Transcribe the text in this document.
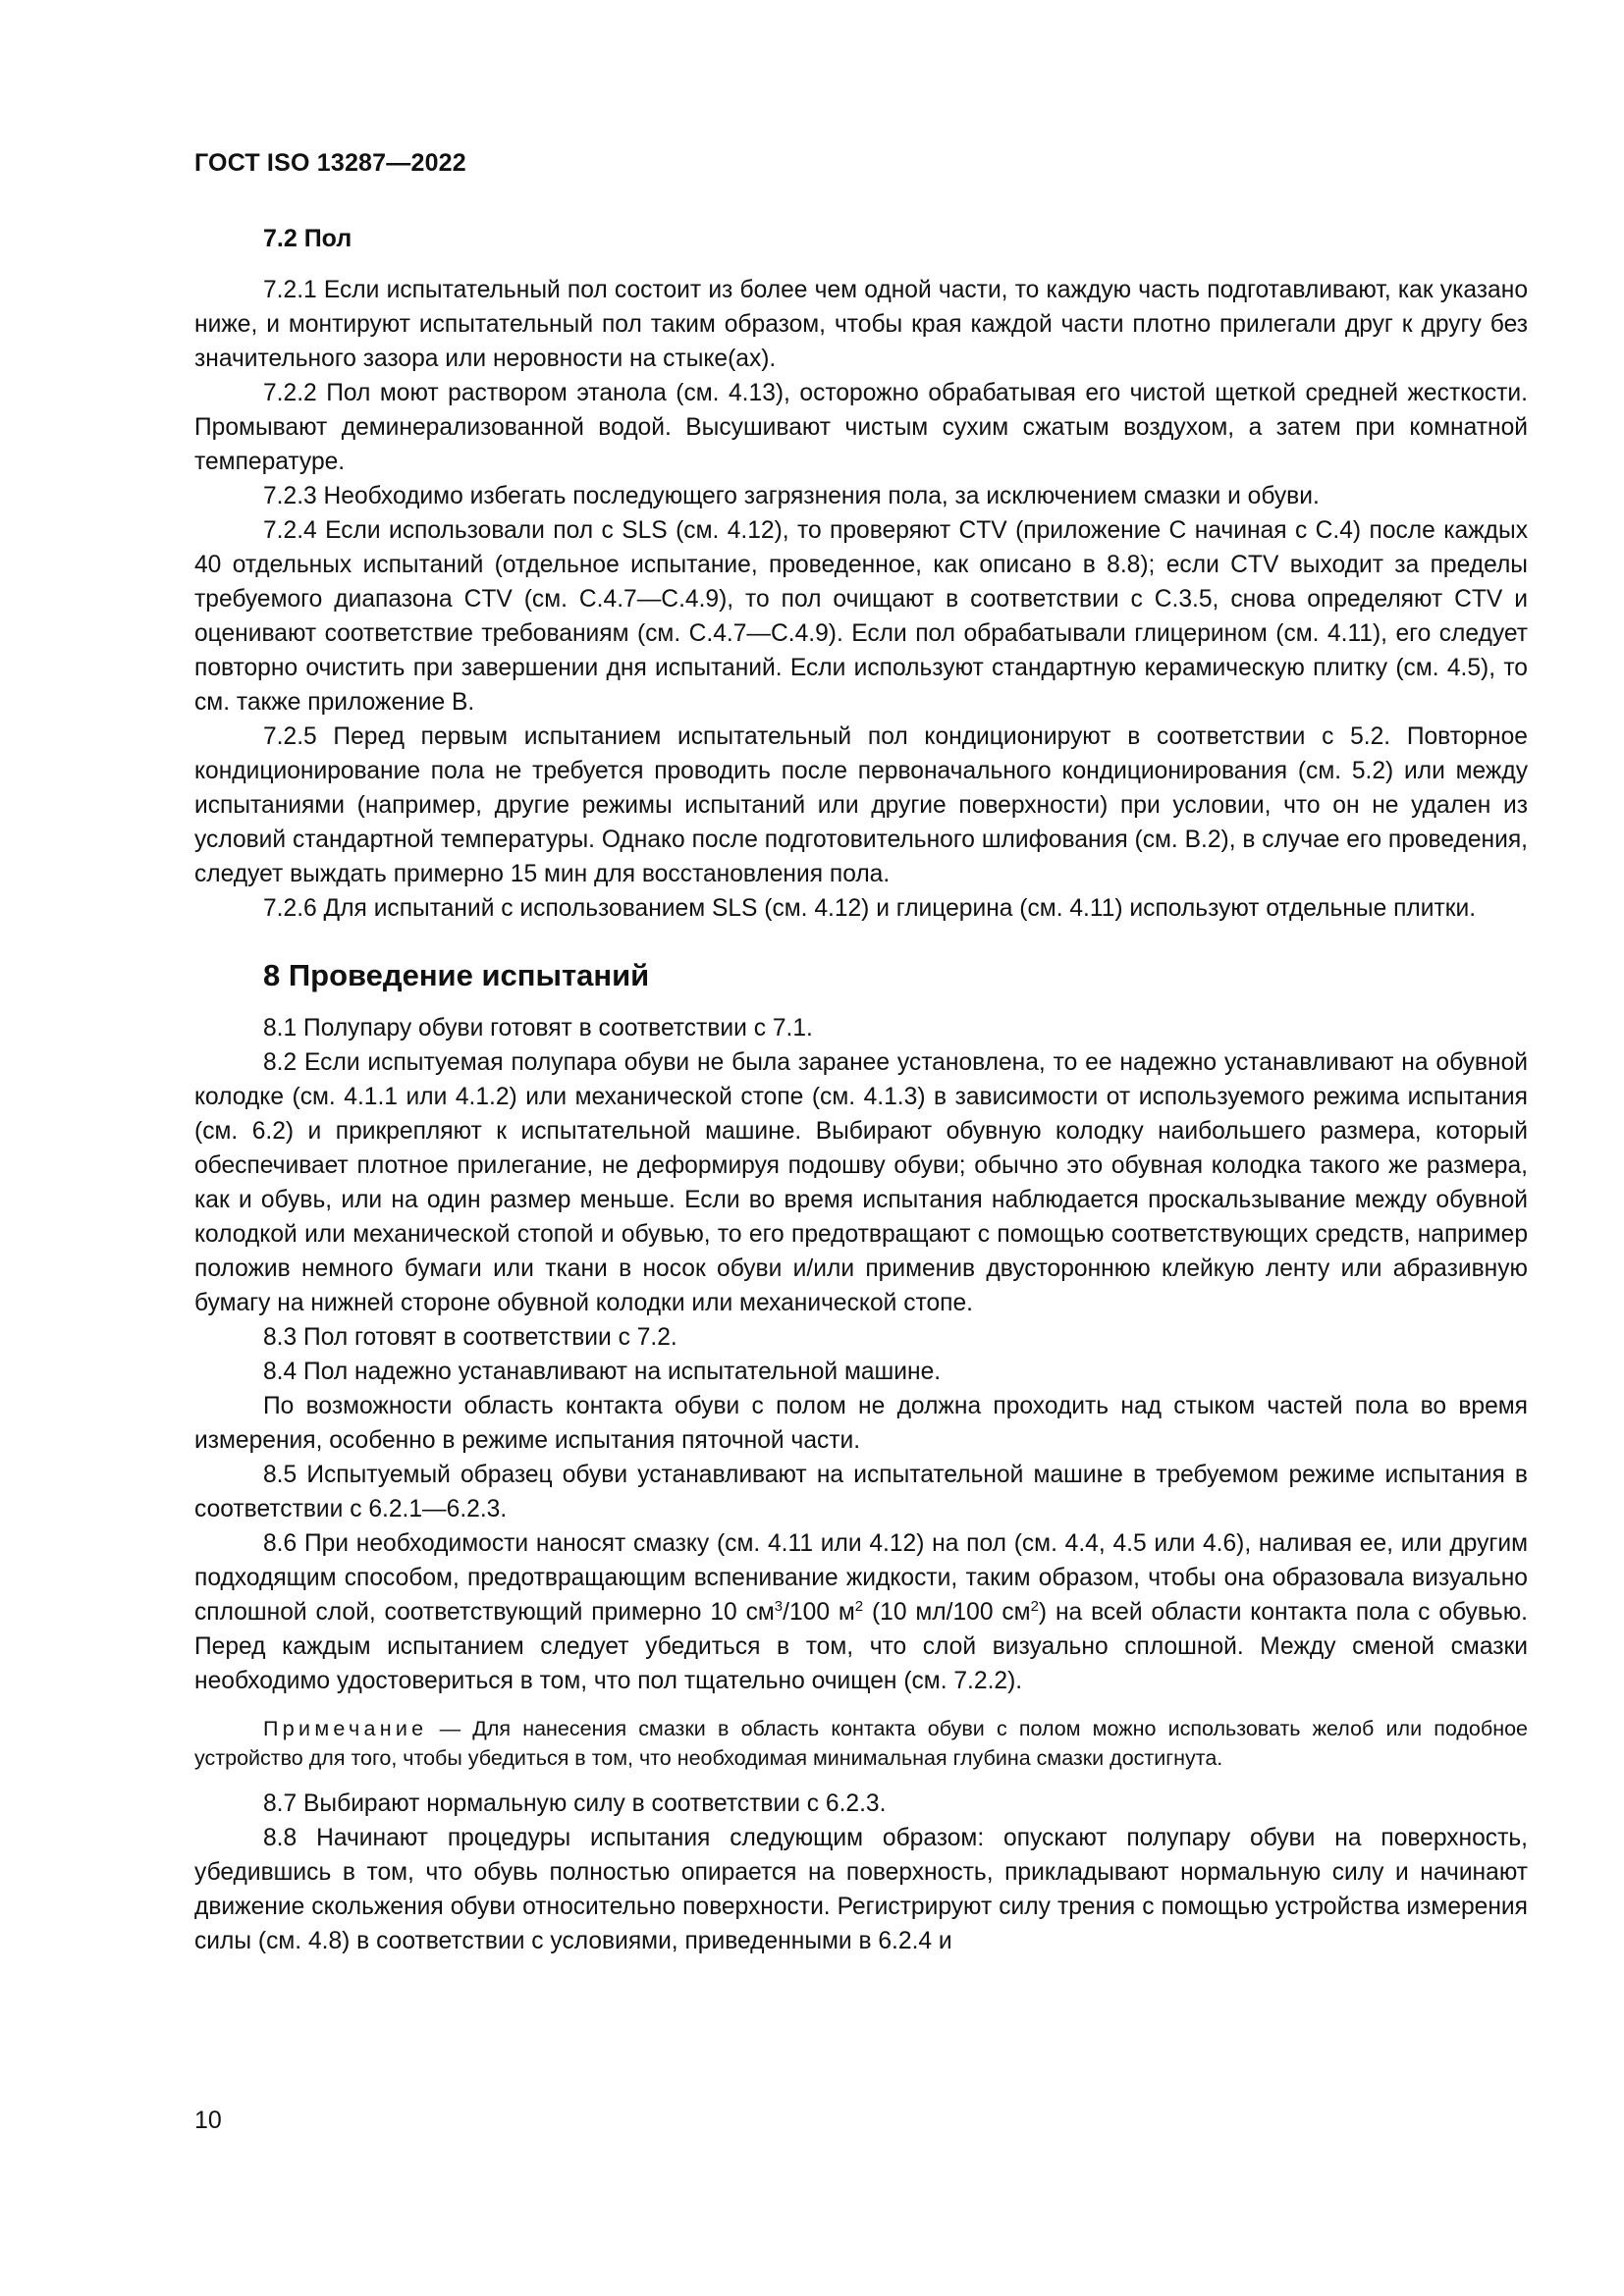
ГОСТ ISO 13287—2022
7.2 Пол

7.2.1 Если испытательный пол состоит из более чем одной части, то каждую часть подготавливают, как указано ниже, и монтируют испытательный пол таким образом, чтобы края каждой части плотно прилегали друг к другу без значительного зазора или неровности на стыке(ах).

7.2.2 Пол моют раствором этанола (см. 4.13), осторожно обрабатывая его чистой щеткой средней жесткости. Промывают деминерализованной водой. Высушивают чистым сухим сжатым воздухом, а затем при комнатной температуре.

7.2.3 Необходимо избегать последующего загрязнения пола, за исключением смазки и обуви.

7.2.4 Если использовали пол с SLS (см. 4.12), то проверяют CTV (приложение С начиная с С.4) после каждых 40 отдельных испытаний (отдельное испытание, проведенное, как описано в 8.8); если CTV выходит за пределы требуемого диапазона CTV (см. С.4.7—С.4.9), то пол очищают в соответствии с С.3.5, снова определяют CTV и оценивают соответствие требованиям (см. С.4.7—С.4.9). Если пол обрабатывали глицерином (см. 4.11), его следует повторно очистить при завершении дня испытаний. Если используют стандартную керамическую плитку (см. 4.5), то см. также приложение В.

7.2.5 Перед первым испытанием испытательный пол кондиционируют в соответствии с 5.2. Повторное кондиционирование пола не требуется проводить после первоначального кондиционирования (см. 5.2) или между испытаниями (например, другие режимы испытаний или другие поверхности) при условии, что он не удален из условий стандартной температуры. Однако после подготовительного шлифования (см. В.2), в случае его проведения, следует выждать примерно 15 мин для восстановления пола.

7.2.6 Для испытаний с использованием SLS (см. 4.12) и глицерина (см. 4.11) используют отдельные плитки.

8 Проведение испытаний

8.1 Полупару обуви готовят в соответствии с 7.1.

8.2 Если испытуемая полупара обуви не была заранее установлена, то ее надежно устанавливают на обувной колодке (см. 4.1.1 или 4.1.2) или механической стопе (см. 4.1.3) в зависимости от используемого режима испытания (см. 6.2) и прикрепляют к испытательной машине. Выбирают обувную колодку наибольшего размера, который обеспечивает плотное прилегание, не деформируя подошву обуви; обычно это обувная колодка такого же размера, как и обувь, или на один размер меньше. Если во время испытания наблюдается проскальзывание между обувной колодкой или механической стопой и обувью, то его предотвращают с помощью соответствующих средств, например положив немного бумаги или ткани в носок обуви и/или применив двустороннюю клейкую ленту или абразивную бумагу на нижней стороне обувной колодки или механической стопе.

8.3 Пол готовят в соответствии с 7.2.

8.4 Пол надежно устанавливают на испытательной машине.

По возможности область контакта обуви с полом не должна проходить над стыком частей пола во время измерения, особенно в режиме испытания пяточной части.

8.5 Испытуемый образец обуви устанавливают на испытательной машине в требуемом режиме испытания в соответствии с 6.2.1—6.2.3.

8.6 При необходимости наносят смазку (см. 4.11 или 4.12) на пол (см. 4.4, 4.5 или 4.6), наливая ее, или другим подходящим способом, предотвращающим вспенивание жидкости, таким образом, чтобы она образовала визуально сплошной слой, соответствующий примерно 10 $см^3/100$ $м^2$ (10 мл/100 $см^2$) на всей области контакта пола с обувью. Перед каждым испытанием следует убедиться в том, что слой визуально сплошной. Между сменой смазки необходимо удостовериться в том, что пол тщательно очищен (см. 7.2.2).

Примечание — Для нанесения смазки в область контакта обуви с полом можно использовать желоб или подобное устройство для того, чтобы убедиться в том, что необходимая минимальная глубина смазки достигнута.

8.7 Выбирают нормальную силу в соответствии с 6.2.3.

8.8 Начинают процедуры испытания следующим образом: опускают полупару обуви на поверхность, убедившись в том, что обувь полностью опирается на поверхность, прикладывают нормальную силу и начинают движение скольжения обуви относительно поверхности. Регистрируют силу трения с помощью устройства измерения силы (см. 4.8) в соответствии с условиями, приведенными в 6.2.4 и

10
